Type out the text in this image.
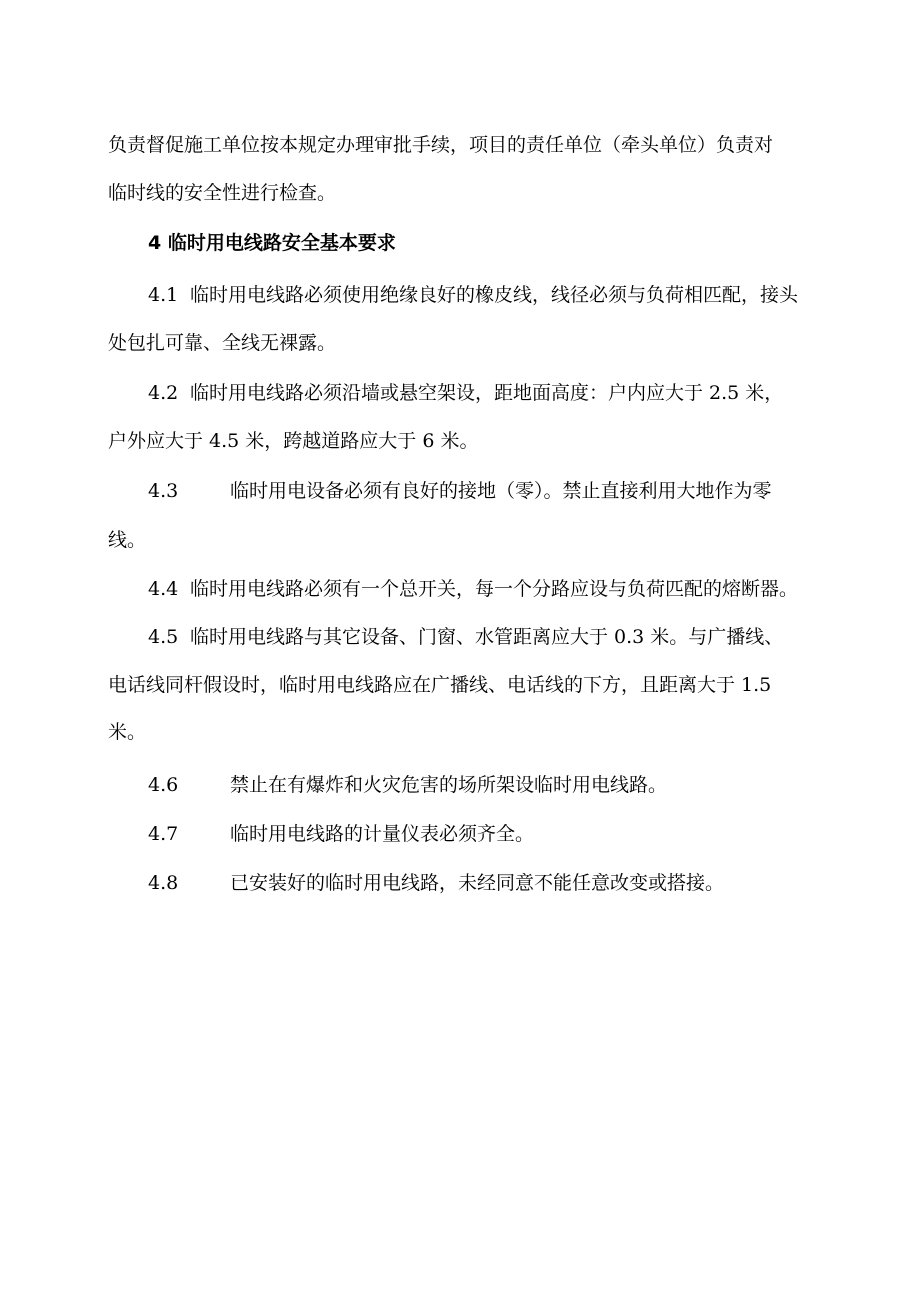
负责督促施工单位按本规定办理审批手续，项目的责任单位（牵头单位）负责对
临时线的安全性进行检查。
4 临时用电线路安全基本要求
4.1 临时用电线路必须使用绝缘良好的橡皮线，线径必须与负荷相匹配，接头
处包扎可靠、全线无裸露。
4.2 临时用电线路必须沿墙或悬空架设，距地面高度：户内应大于 2.5 米，
户外应大于 4.5 米，跨越道路应大于 6 米。
4.3	临时用电设备必须有良好的接地（零）。禁止直接利用大地作为零
线。
4.4 临时用电线路必须有一个总开关，每一个分路应设与负荷匹配的熔断器。
4.5 临时用电线路与其它设备、门窗、水管距离应大于 0.3 米。与广播线、
电话线同杆假设时，临时用电线路应在广播线、电话线的下方，且距离大于 1.5
米。
4.6	禁止在有爆炸和火灾危害的场所架设临时用电线路。
4.7	临时用电线路的计量仪表必须齐全。
4.8	已安装好的临时用电线路，未经同意不能任意改变或搭接。
